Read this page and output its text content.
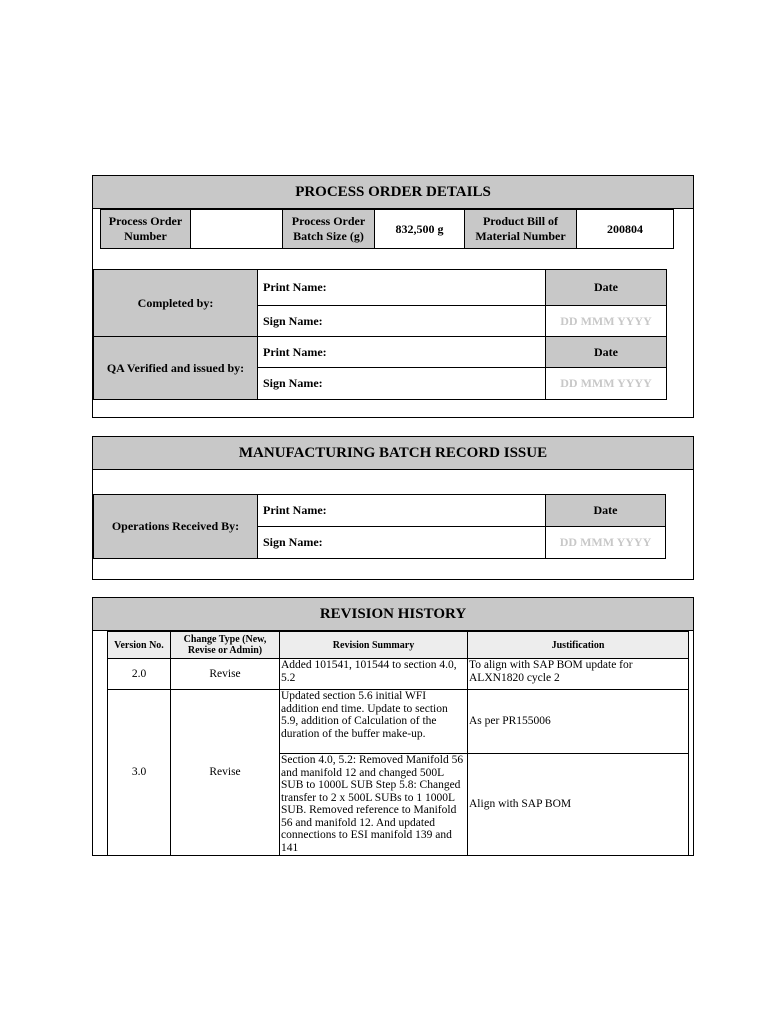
PROCESS ORDER DETAILS
Process Order Number		Process Order Batch Size (g)	832,500 g	Product Bill of Material Number	200804
Completed by:	Print Name:	Date
	Sign Name:	DD MMM YYYY
QA Verified and issued by:	Print Name:	Date
	Sign Name:	DD MMM YYYY
MANUFACTURING BATCH RECORD ISSUE
Operations Received By:	Print Name:	Date
	Sign Name:	DD MMM YYYY
REVISION HISTORY
Version No.	Change Type (New, Revise or Admin)	Revision Summary	Justification
2.0	Revise	Added 101541, 101544 to section 4.0, 5.2	To align with SAP BOM update for ALXN1820 cycle 2
3.0	Revise	Updated section 5.6 initial WFI addition end time. Update to section 5.9, addition of Calculation of the duration of the buffer make-up.	As per PR155006
		Section 4.0, 5.2: Removed Manifold 56 and manifold 12 and changed 500L SUB to 1000L SUB Step 5.8: Changed transfer to 2 x 500L SUBs to 1 1000L SUB. Removed reference to Manifold 56 and manifold 12. And updated connections to ESI manifold 139 and 141	Align with SAP BOM
